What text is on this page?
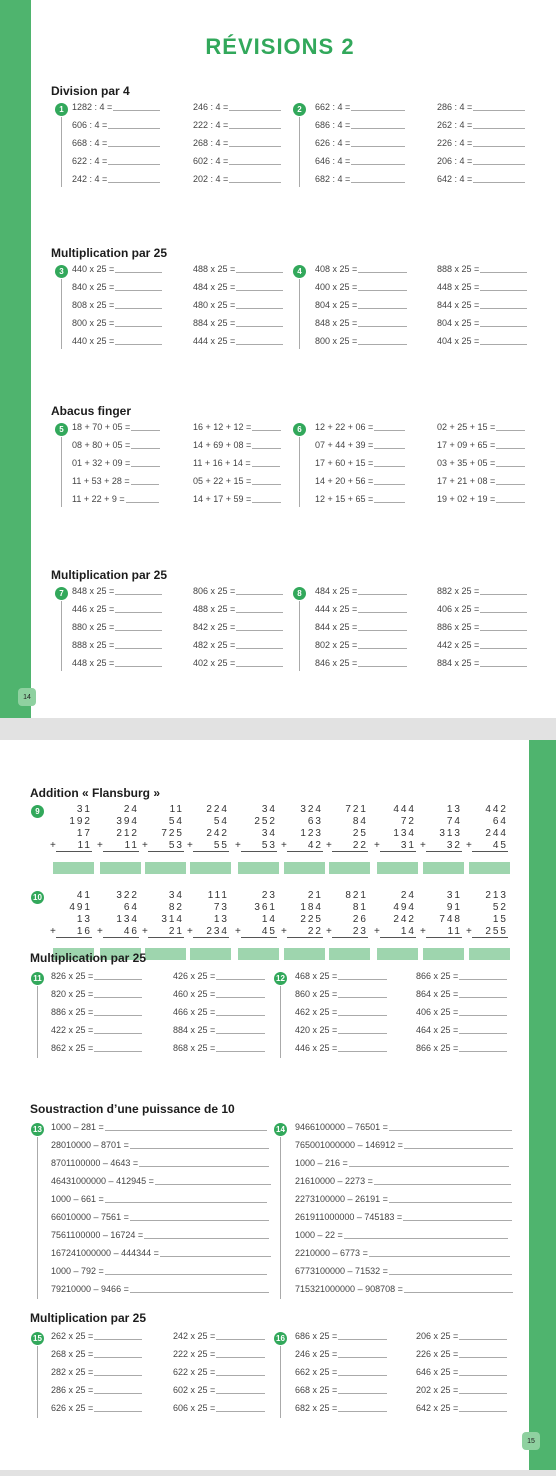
RÉVISIONS 2
14
Division par 4
1 1282 : 4 =
606 : 4 =
668 : 4 =
622 : 4 =
242 : 4 =
246 : 4 =
222 : 4 =
268 : 4 =
602 : 4 =
202 : 4 =
2	662 : 4 =
686 : 4 =
626 : 4 =
646 : 4 =
682 : 4 =
286 : 4 =
262 : 4 =
226 : 4 =
206 : 4 =
642 : 4 =
Multiplication par 25
3 440 x 25 =
840 x 25 =
808 x 25 =
800 x 25 =
440 x 25 =
488 x 25 =
484 x 25 =
480 x 25 =
884 x 25 =
444 x 25 =
4	408 x 25 =
400 x 25 =
804 x 25 =
848 x 25 =
800 x 25 =
888 x 25 =
448 x 25 =
844 x 25 =
804 x 25 =
404 x 25 =
Abacus finger
5 18 + 70 + 05 =
08 + 80 + 05 =
01 + 32 + 09 =
11 + 53 + 28 =
11 + 22 + 9 =
16 + 12 + 12 =
14 + 69 + 08 =
11 + 16 + 14 =
05 + 22 + 15 =
14 + 17 + 59 =
6	12 + 22 + 06 =
07 + 44 + 39 =
17 + 60 + 15 =
14 + 20 + 56 =
12 + 15 + 65 =
02 + 25 + 15 =
17 + 09 + 65 =
03 + 35 + 05 =
17 + 21 + 08 =
19 + 02 + 19 =
Multiplication par 25
7 848 x 25 =
446 x 25 =
880 x 25 =
888 x 25 =
448 x 25 =
806 x 25 =
488 x 25 =
842 x 25 =
482 x 25 =
402 x 25 =
8	484 x 25 =
444 x 25 =
844 x 25 =
802 x 25 =
846 x 25 =
882 x 25 =
406 x 25 =
886 x 25 =
442 x 25 =
884 x 25 =
15
Addition « Flansburg »
9	31
192
17
+ 11
24
394
212
+ 11
11
54
725
+ 53
224
54
242
+ 55
34
252
34
+ 53
324
63
123
+ 42
721
84
25
+ 22
444
72
134
+ 31
13
74
313
+ 32
442
64
244
+ 45
10	41
491
13
+ 16
322
64
134
+ 46
34
82
314
+ 21
111
73
13
+ 234
23
361
14
+ 45
21
184
225
+ 22
821
81
26
+ 23
24
494
242
+ 14
31
91
748
+ 11
213
52
15
+ 255
Multiplication par 25
11 826 x 25 =
820 x 25 =
886 x 25 =
422 x 25 =
862 x 25 =
426 x 25 =
460 x 25 =
466 x 25 =
884 x 25 =
868 x 25 =
12 468 x 25 =
860 x 25 =
462 x 25 =
420 x 25 =
446 x 25 =
866 x 25 =
864 x 25 =
406 x 25 =
464 x 25 =
866 x 25 =
Soustraction d’une puissance de 10
13 1000 – 281 =
28010000 – 8701 =
8701100000 – 4643 =
46431000000 – 412945 =
1000 – 661 =
66010000 – 7561 =
7561100000 – 16724 =
167241000000 – 444344 =
1000 – 792 =
79210000 – 9466 =
14 9466100000 – 76501 =
765001000000 – 146912 =
1000 – 216 =
21610000 – 2273 =
2273100000 – 26191 =
261911000000 – 745183 =
1000 – 22 =
2210000 – 6773 =
6773100000 – 71532 =
715321000000 – 908708 =
Multiplication par 25
15 262 x 25 =
268 x 25 =
282 x 25 =
286 x 25 =
626 x 25 =
242 x 25 =
222 x 25 =
622 x 25 =
602 x 25 =
606 x 25 =
16 686 x 25 =
246 x 25 =
662 x 25 =
668 x 25 =
682 x 25 =
206 x 25 =
226 x 25 =
646 x 25 =
202 x 25 =
642 x 25 =
